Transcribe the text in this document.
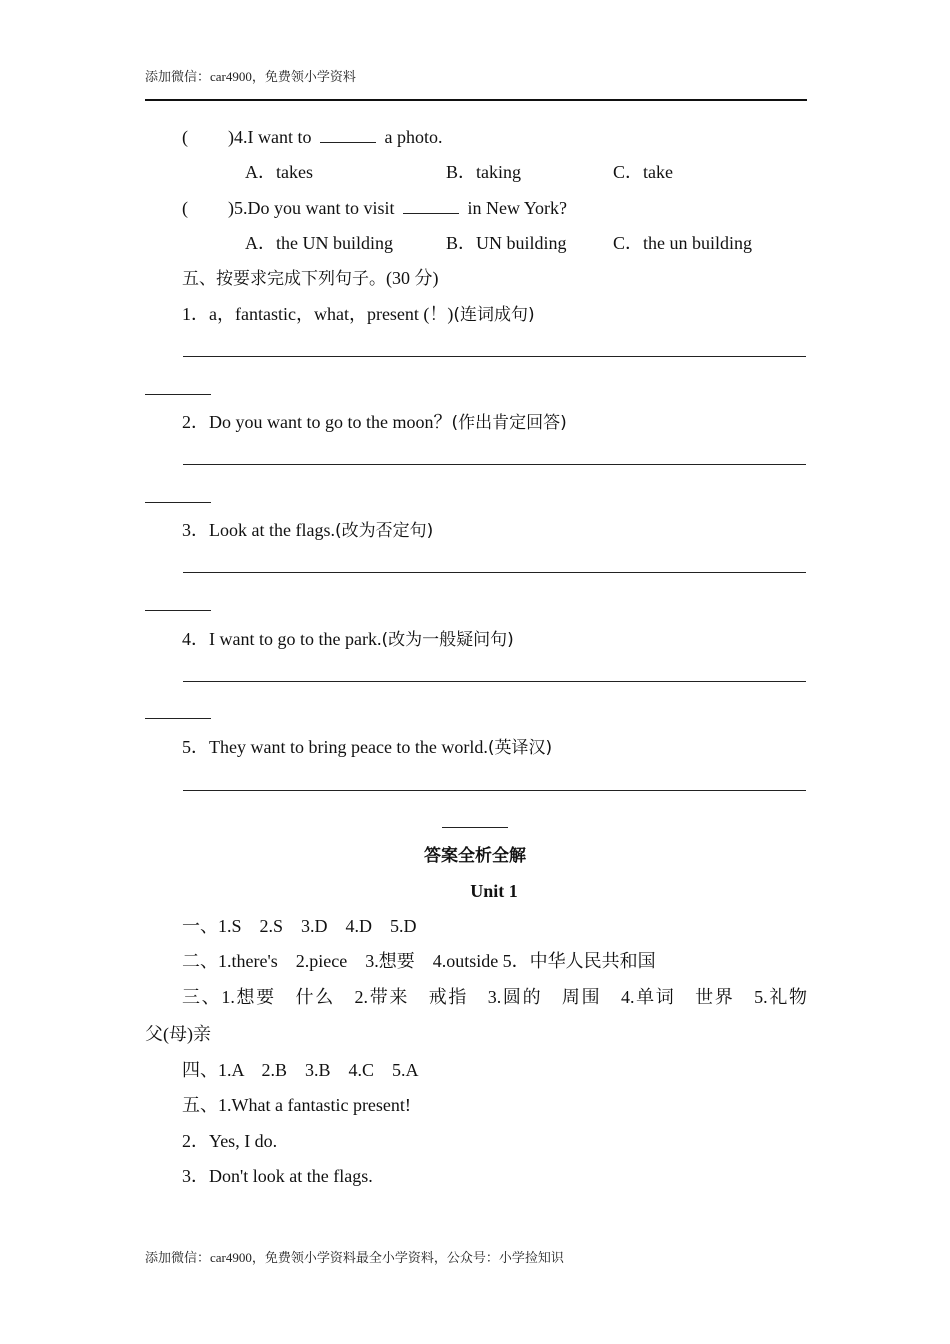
添加微信：car4900，免费领小学资料
( )4.I want to	a photo.
A．takes	B．taking	C．take
( )5.Do you want to visit	in New York?
A．the UN building	B．UN building	C．the un building
五、按要求完成下列句子。(30 分)
1．a，fantastic，what，present (！)(连词成句)
2．Do you want to go to the moon？(作出肯定回答)
3．Look at the flags.(改为否定句)
4．I want to go to the park.(改为一般疑问句)
5．They want to bring peace to the world.(英译汉)
答案全析全解
Unit 1
一、1.S　2.S　3.D　4.D　5.D
二、1.there's　2.piece　3.想要　4.outside 5．中华人民共和国
三、1.想要　什么　2.带来　戒指　3.圆的　周围　4.单词　世界　5.礼物
父(母)亲
四、1.A　2.B　3.B　4.C　5.A
五、1.What a fantastic present!
2．Yes, I do.
3．Don't look at the flags.
添加微信：car4900，免费领小学资料最全小学资料，公众号：小学捡知识
